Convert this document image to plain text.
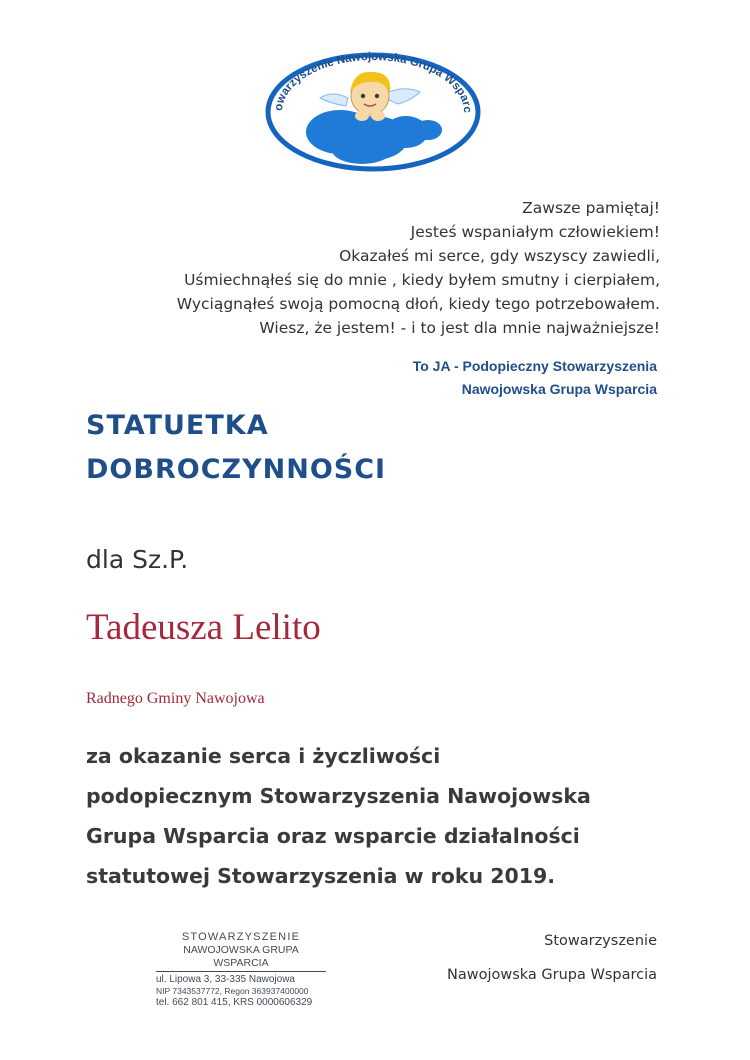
owarzyszenie Nawojowska Grupa Wsparc
Zawsze pamiętaj!
Jesteś wspaniałym człowiekiem!
Okazałeś mi serce, gdy wszyscy zawiedli,
Uśmiechnąłeś się do mnie , kiedy byłem smutny i cierpiałem,
Wyciągnąłeś swoją pomocną dłoń, kiedy tego potrzebowałem.
Wiesz, że jestem! - i to jest dla mnie najważniejsze!
To JA - Podopieczny Stowarzyszenia
Nawojowska Grupa Wsparcia
STATUETKA
DOBROCZYNNOŚCI
dla Sz.P.
Tadeusza Lelito
Radnego Gminy Nawojowa
za okazanie serca i życzliwości
podopiecznym Stowarzyszenia Nawojowska
Grupa Wsparcia oraz wsparcie działalności
statutowej Stowarzyszenia w roku 2019.
STOWARZYSZENIE
NAWOJOWSKA GRUPA WSPARCIA
ul. Lipowa 3, 33-335 Nawojowa
NIP 7343537772, Regon 363937400000
tel. 662 801 415, KRS 0000606329
Stowarzyszenie
Nawojowska Grupa Wsparcia
